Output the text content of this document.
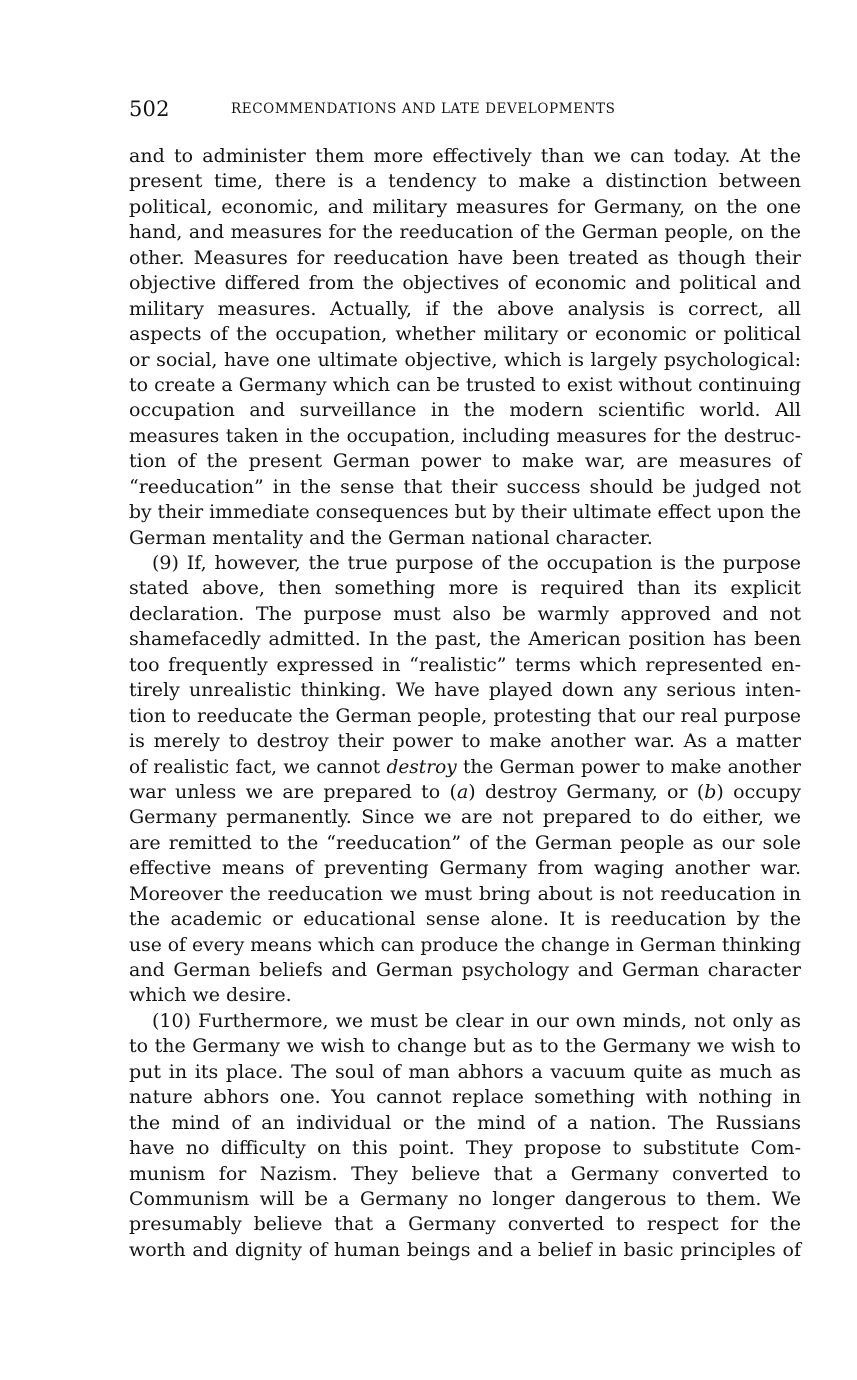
502	RECOMMENDATIONS AND LATE DEVELOPMENTS
and to administer them more effectively than we can today. At the
present time, there is a tendency to make a distinction between
political, economic, and military measures for Germany, on the one
hand, and measures for the reeducation of the German people, on the
other. Measures for reeducation have been treated as though their
objective differed from the objectives of economic and political and
military measures. Actually, if the above analysis is correct, all
aspects of the occupation, whether military or economic or political
or social, have one ultimate objective, which is largely psychological:
to create a Germany which can be trusted to exist without continuing
occupation and surveillance in the modern scientific world. All
measures taken in the occupation, including measures for the destruc-
tion of the present German power to make war, are measures of
“reeducation” in the sense that their success should be judged not
by their immediate consequences but by their ultimate effect upon the
German mentality and the German national character.
(9) If, however, the true purpose of the occupation is the purpose
stated above, then something more is required than its explicit
declaration. The purpose must also be warmly approved and not
shamefacedly admitted. In the past, the American position has been
too frequently expressed in “realistic” terms which represented en-
tirely unrealistic thinking. We have played down any serious inten-
tion to reeducate the German people, protesting that our real purpose
is merely to destroy their power to make another war. As a matter
of realistic fact, we cannot destroy the German power to make another
war unless we are prepared to (a) destroy Germany, or (b) occupy
Germany permanently. Since we are not prepared to do either, we
are remitted to the “reeducation” of the German people as our sole
effective means of preventing Germany from waging another war.
Moreover the reeducation we must bring about is not reeducation in
the academic or educational sense alone. It is reeducation by the
use of every means which can produce the change in German thinking
and German beliefs and German psychology and German character
which we desire.
(10) Furthermore, we must be clear in our own minds, not only as
to the Germany we wish to change but as to the Germany we wish to
put in its place. The soul of man abhors a vacuum quite as much as
nature abhors one. You cannot replace something with nothing in
the mind of an individual or the mind of a nation. The Russians
have no difficulty on this point. They propose to substitute Com-
munism for Nazism. They believe that a Germany converted to
Communism will be a Germany no longer dangerous to them. We
presumably believe that a Germany converted to respect for the
worth and dignity of human beings and a belief in basic principles of
